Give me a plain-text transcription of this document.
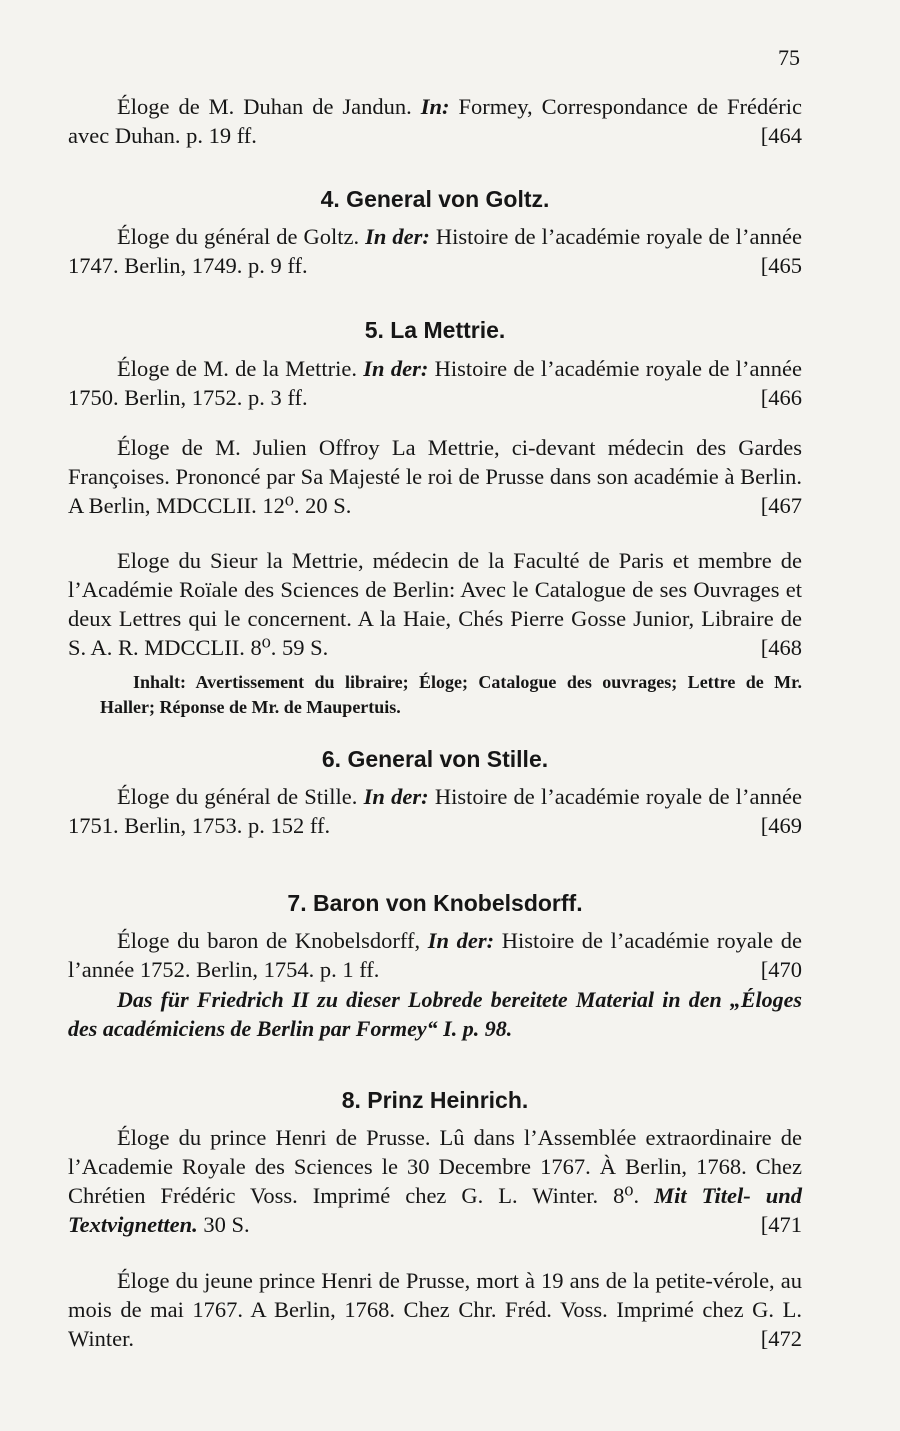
75

Éloge de M. Duhan de Jandun. In: Formey, Correspondance de Frédéric avec Duhan. p. 19 ff.	[464

4. General von Goltz.

Éloge du général de Goltz. In der: Histoire de l’académie royale de l’année 1747. Berlin, 1749. p. 9 ff.	[465

5. La Mettrie.

Éloge de M. de la Mettrie. In der: Histoire de l’académie royale de l’année 1750. Berlin, 1752. p. 3 ff.	[466

Éloge de M. Julien Offroy La Mettrie, ci-devant médecin des Gardes Françoises. Prononcé par Sa Majesté le roi de Prusse dans son académie à Berlin. A Berlin, MDCCLII. 12⁰. 20 S.	[467

Eloge du Sieur la Mettrie, médecin de la Faculté de Paris et membre de l’Académie Roïale des Sciences de Berlin: Avec le Catalogue de ses Ouvrages et deux Lettres qui le concernent. A la Haie, Chés Pierre Gosse Junior, Libraire de S. A. R. MDCCLII. 8⁰. 59 S.	[468

Inhalt: Avertissement du libraire; Éloge; Catalogue des ouvrages; Lettre de Mr. Haller; Réponse de Mr. de Maupertuis.

6. General von Stille.

Éloge du général de Stille. In der: Histoire de l’académie royale de l’année 1751. Berlin, 1753. p. 152 ff.	[469

7. Baron von Knobelsdorff.

Éloge du baron de Knobelsdorff, In der: Histoire de l’académie royale de l’année 1752. Berlin, 1754. p. 1 ff.	[470

Das für Friedrich II zu dieser Lobrede bereitete Material in den „Éloges des académiciens de Berlin par Formey“ I. p. 98.

8. Prinz Heinrich.

Éloge du prince Henri de Prusse. Lû dans l’Assemblée extraordinaire de l’Academie Royale des Sciences le 30 Decembre 1767. À Berlin, 1768. Chez Chrétien Frédéric Voss. Imprimé chez G. L. Winter. 8⁰. Mit Titel- und Textvignetten. 30 S.	[471

Éloge du jeune prince Henri de Prusse, mort à 19 ans de la petite-vérole, au mois de mai 1767. A Berlin, 1768. Chez Chr. Fréd. Voss. Imprimé chez G. L. Winter.	[472
